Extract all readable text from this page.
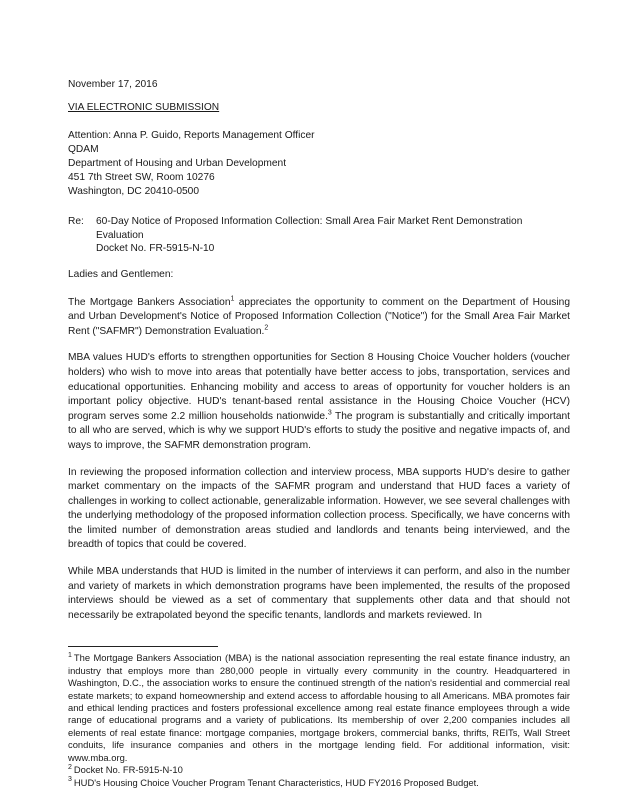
November 17, 2016

VIA ELECTRONIC SUBMISSION

Attention: Anna P. Guido, Reports Management Officer
QDAM
Department of Housing and Urban Development
451 7th Street SW, Room 10276
Washington, DC 20410-0500
Re:	60-Day Notice of Proposed Information Collection: Small Area Fair Market Rent Demonstration
Evaluation
Docket No. FR-5915-N-10

Ladies and Gentlemen:

The Mortgage Bankers Association$^1$ appreciates the opportunity to comment on the Department of Housing and Urban Development's Notice of Proposed Information Collection ("Notice") for the Small Area Fair Market Rent ("SAFMR") Demonstration Evaluation.$^2$

MBA values HUD's efforts to strengthen opportunities for Section 8 Housing Choice Voucher holders (voucher holders) who wish to move into areas that potentially have better access to jobs, transportation, services and educational opportunities. Enhancing mobility and access to areas of opportunity for voucher holders is an important policy objective. HUD's tenant-based rental assistance in the Housing Choice Voucher (HCV) program serves some 2.2 million households nationwide.$^3$ The program is substantially and critically important to all who are served, which is why we support HUD's efforts to study the positive and negative impacts of, and ways to improve, the SAFMR demonstration program.

In reviewing the proposed information collection and interview process, MBA supports HUD's desire to gather market commentary on the impacts of the SAFMR program and understand that HUD faces a variety of challenges in working to collect actionable, generalizable information. However, we see several challenges with the underlying methodology of the proposed information collection process. Specifically, we have concerns with the limited number of demonstration areas studied and landlords and tenants being interviewed, and the breadth of topics that could be covered.

While MBA understands that HUD is limited in the number of interviews it can perform, and also in the number and variety of markets in which demonstration programs have been implemented, the results of the proposed interviews should be viewed as a set of commentary that supplements other data and that should not necessarily be extrapolated beyond the specific tenants, landlords and markets reviewed. In

$^1$ The Mortgage Bankers Association (MBA) is the national association representing the real estate finance industry, an industry that employs more than 280,000 people in virtually every community in the country. Headquartered in Washington, D.C., the association works to ensure the continued strength of the nation's residential and commercial real estate markets; to expand homeownership and extend access to affordable housing to all Americans. MBA promotes fair and ethical lending practices and fosters professional excellence among real estate finance employees through a wide range of educational programs and a variety of publications. Its membership of over 2,200 companies includes all elements of real estate finance: mortgage companies, mortgage brokers, commercial banks, thrifts, REITs, Wall Street conduits, life insurance companies and others in the mortgage lending field. For additional information, visit: www.mba.org.

$^2$ Docket No. FR-5915-N-10

$^3$ HUD's Housing Choice Voucher Program Tenant Characteristics, HUD FY2016 Proposed Budget.
